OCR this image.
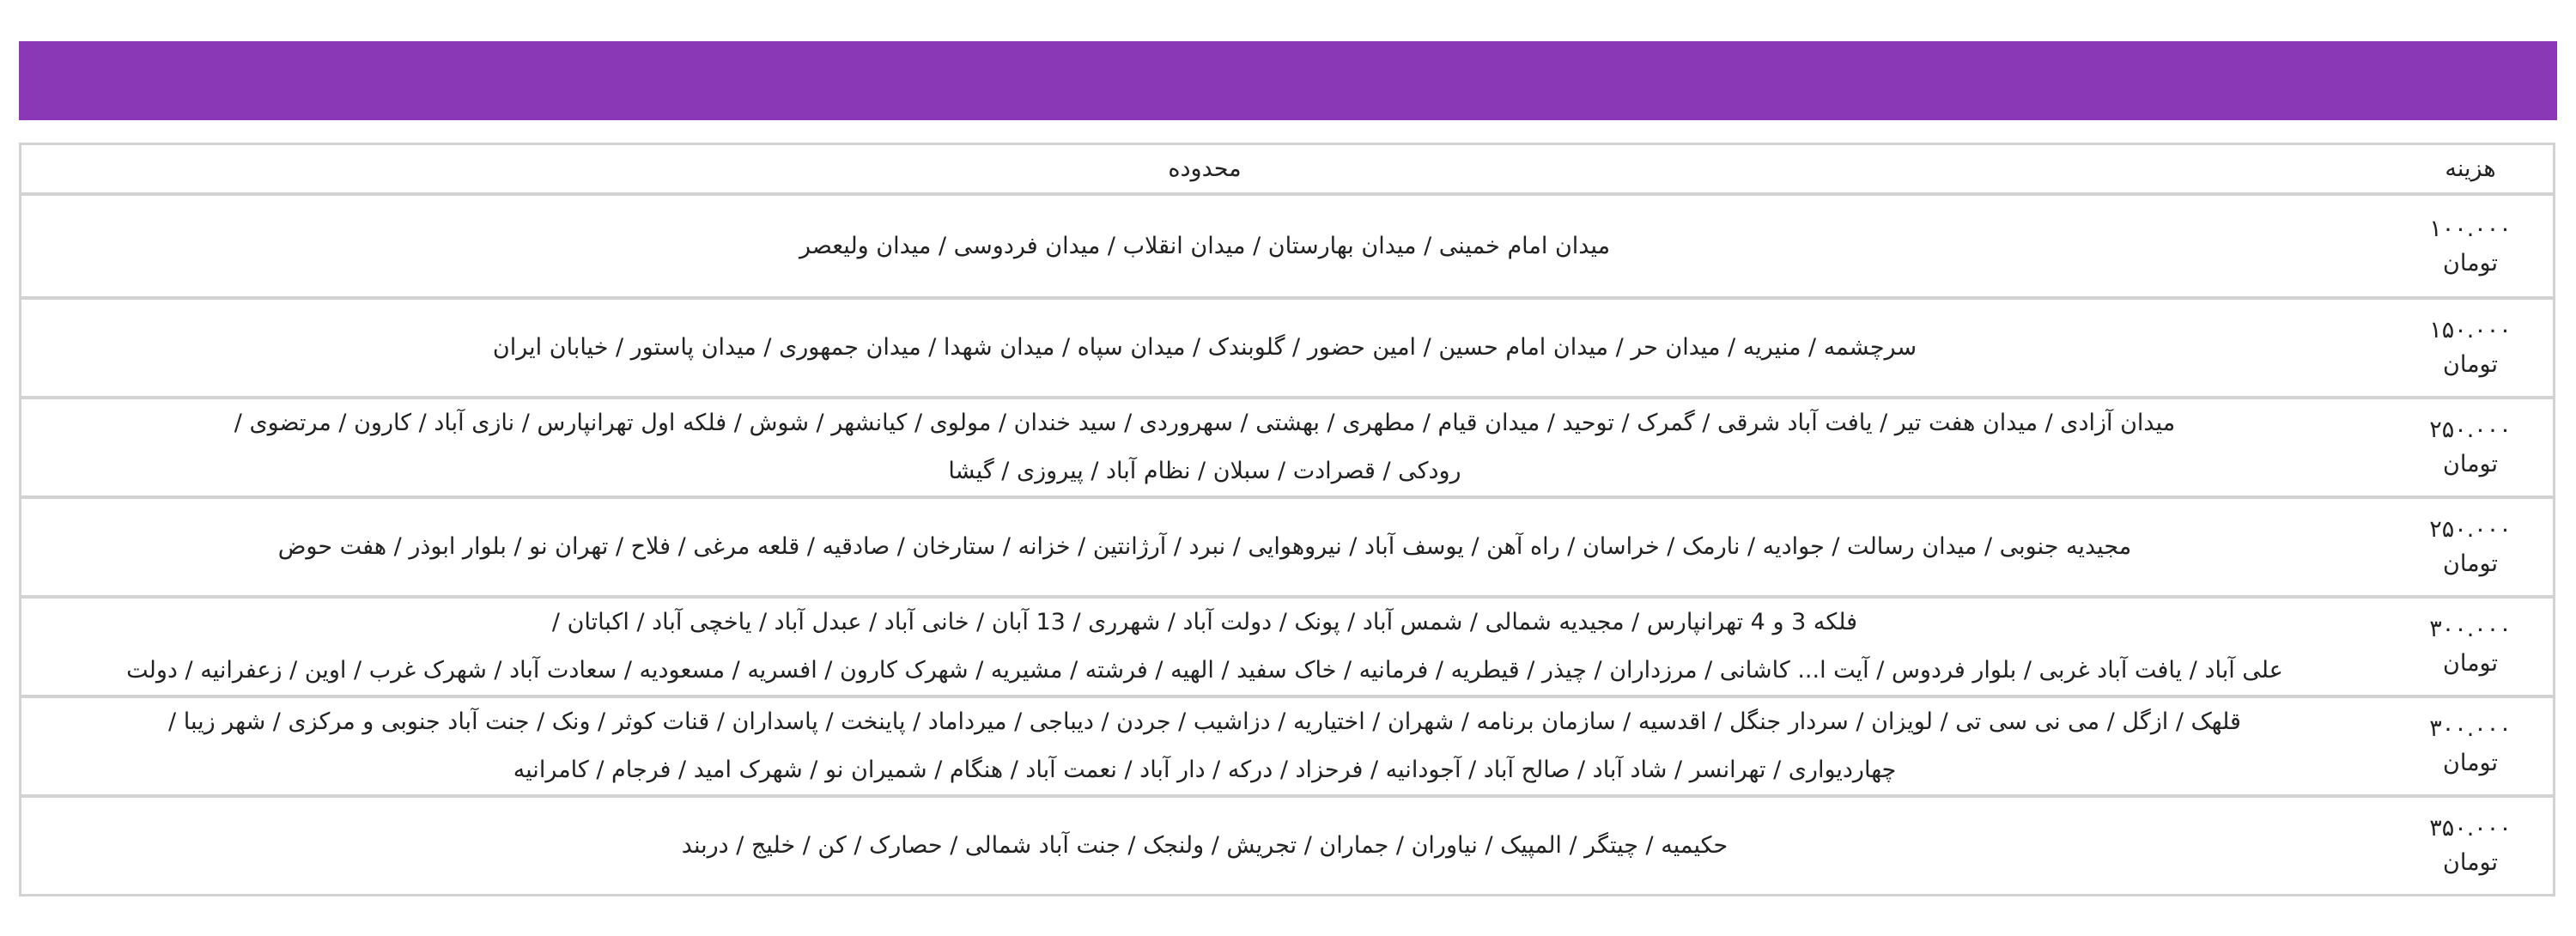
هزینه
محدوده
۱۰۰.۰۰۰
تومان
میدان امام خمینی / میدان بهارستان / میدان انقلاب / میدان فردوسی / میدان ولیعصر
۱۵۰.۰۰۰
تومان
سرچشمه / منیریه / میدان حر / میدان امام حسین / امین حضور / گلوبندک / میدان سپاه / میدان شهدا / میدان جمهوری / میدان پاستور / خیابان ایران
۲۵۰.۰۰۰
تومان
میدان آزادی / میدان هفت تیر / یافت آباد شرقی / گمرک / توحید / میدان قیام / مطهری / بهشتی / سهروردی / سید خندان / مولوی / کیانشهر / شوش / فلکه اول تهرانپارس / نازی آباد / کارون / مرتضوی /
رودکی / قصرادت / سبلان / نظام آباد / پیروزی / گیشا
۲۵۰.۰۰۰
تومان
مجیدیه جنوبی / میدان رسالت / جوادیه / نارمک / خراسان / راه آهن / یوسف آباد / نیروهوایی / نبرد / آرژانتین / خزانه / ستارخان / صادقیه / قلعه مرغی / فلاح / تهران نو / بلوار ابوذر / هفت حوض
۳۰۰.۰۰۰
تومان
فلکه 3 و 4 تهرانپارس / مجیدیه شمالی / شمس آباد / پونک / دولت آباد / شهرری / 13 آبان / خانی آباد / عبدل آباد / یاخچی آباد / اکباتان /
علی آباد / یافت آباد غربی / بلوار فردوس / آیت ا... کاشانی / مرزداران / چیذر / قیطریه / فرمانیه / خاک سفید / الهیه / فرشته / مشیریه / شهرک کارون / افسریه / مسعودیه / سعادت آباد / شهرک غرب / اوین / زعفرانیه / دولت
۳۰۰.۰۰۰
تومان
قلهک / ازگل / می نی سی تی / لویزان / سردار جنگل / اقدسیه / سازمان برنامه / شهران / اختیاریه / دزاشیب / جردن / دیباجی / میرداماد / پاینخت / پاسداران / قنات کوثر / ونک / جنت آباد جنوبی و مرکزی / شهر زیبا /
چهاردیواری / تهرانسر / شاد آباد / صالح آباد / آجودانیه / فرحزاد / درکه / دار آباد / نعمت آباد / هنگام / شمیران نو / شهرک امید / فرجام / کامرانیه
۳۵۰.۰۰۰
تومان
حکیمیه / چیتگر / المپیک / نیاوران / جماران / تجریش / ولنجک / جنت آباد شمالی / حصارک / کن / خلیج / دربند
